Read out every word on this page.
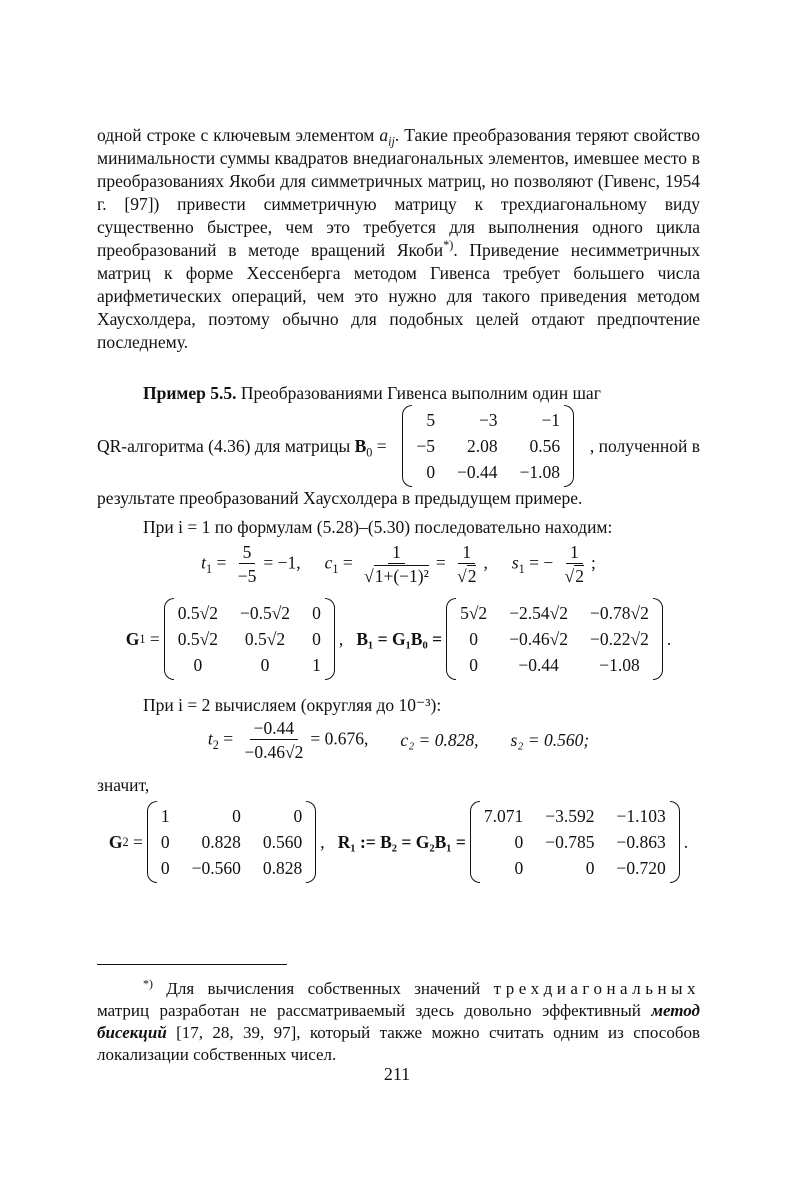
одной строке с ключевым элементом $a_{ij}$. Такие преобразования теряют свойство минимальности суммы квадратов внедиагональных элементов, имевшее место в преобразованиях Якоби для симметричных матриц, но позволяют (Гивенс, 1954 г. [97]) привести симметричную матрицу к трехдиагональному виду существенно быстрее, чем это требуется для выполнения одного цикла преобразований в методе вращений Якоби*). Приведение несимметричных матриц к форме Хессенберга методом Гивенса требует большего числа арифметических операций, чем это нужно для такого приведения методом Хаусхолдера, поэтому обычно для подобных целей отдают предпочтение последнему.

Пример 5.5. Преобразованиями Гивенса выполним один шаг

QR-алгоритма (4.36) для матрицы $B_0$ =
5	−3	−1
−5	2.08	0.56
0 −0.44 −1.08
, полученной в

результате преобразований Хаусхолдера в предыдущем примере.

При i = 1 по формулам (5.28)–(5.30) последовательно находим:

$t_1 = \frac{5}{-5} = -1$, $c_1 = \frac{1}{\text{√1+(−1)²}} = \frac{1}{√2}$ , $s_1$ = − $\frac{1}{√2}$ ;
G 1 =
0.5√2 −0.5√2 0
0.5√2 0.5√2 0
0	0	1
, B₁ = G₁B₀ =
5√2 −2.54√2 −0.78√2
0	−0.46√2 −0.22√2
0	−0.44	−1.08
.

При i = 2 вычисляем (округляя до 10⁻³):

$t_2 = \frac{-0.44}{-0.46√2} = 0.676$, c₂ = 0.828, s₂ = 0.560;

значит,

G 2 =
1	0	0
0	0.828 0.560
0 −0.560 0.828
, R₁ := B₂ = G₂B₁ =
7.071 −3.592 −1.103
0 −0.785 −0.863
0	0 −0.720
.

*) Для вычисления собственных значений трехдиагональных матриц разработан не рассматриваемый здесь довольно эффективный метод бисекций [17, 28, 39, 97], который также можно считать одним из способов локализации собственных чисел.

211
